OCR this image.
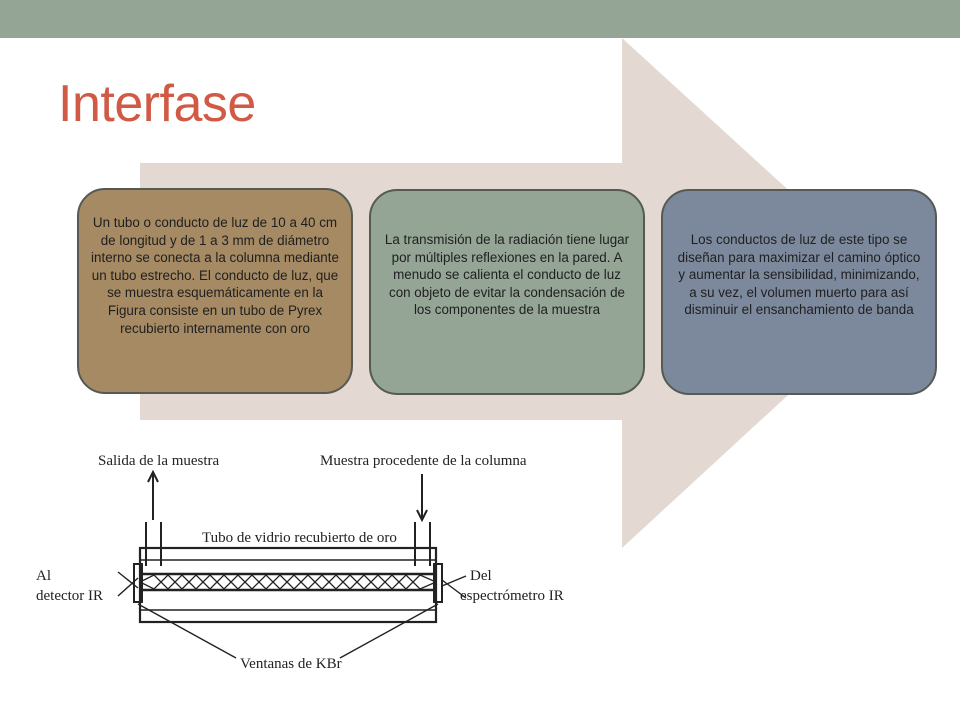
Interfase
Un tubo o conducto de luz de 10 a 40 cm de longitud y de 1 a 3 mm de diámetro interno se conecta a la columna mediante un tubo estrecho. El conducto de luz, que se muestra esquemáticamente en la Figura consiste en un tubo de Pyrex recubierto internamente con oro
La transmisión de la radiación tiene lugar por múltiples reflexiones en la pared. A menudo se calienta el conducto de luz con objeto de evitar la condensación de los componentes de la muestra
Los conductos de luz de este tipo se diseñan para maximizar el camino óptico y aumentar la sensibilidad, minimizando, a su vez, el volumen muerto para así disminuir el ensanchamiento de banda
Salida de la muestra	Muestra procedente de la columna
Tubo de vidrio recubierto de oro
Al
detector IR
Del
espectrómetro IR
Ventanas de KBr
